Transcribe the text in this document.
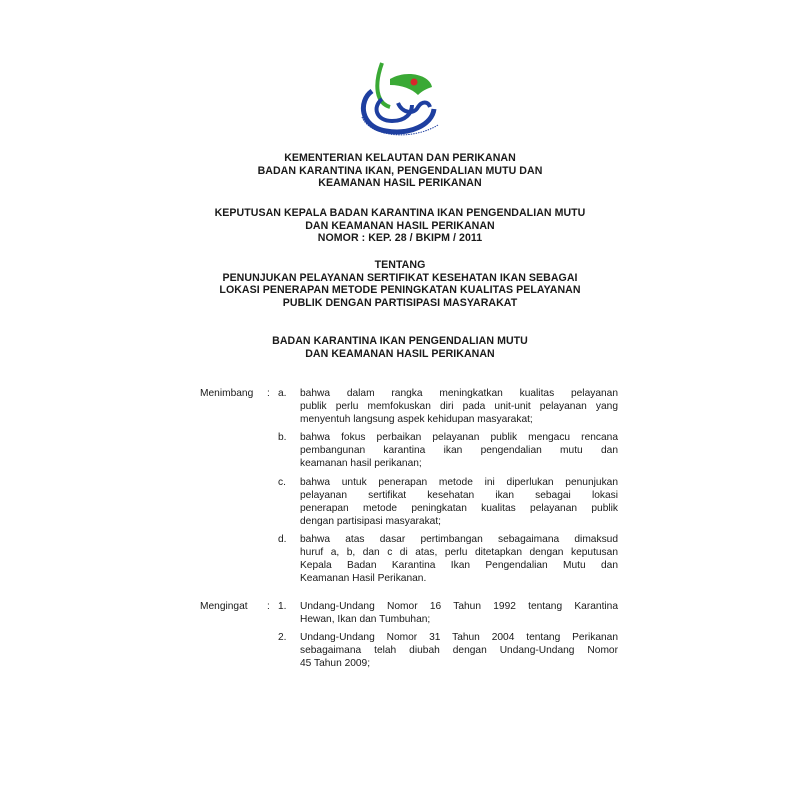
KEMENTERIAN KELAUTAN DAN PERIKANAN
BADAN KARANTINA IKAN, PENGENDALIAN MUTU DAN
KEAMANAN HASIL PERIKANAN
KEPUTUSAN KEPALA BADAN KARANTINA IKAN PENGENDALIAN MUTU
DAN KEAMANAN HASIL PERIKANAN
NOMOR : KEP. 28 / BKIPM / 2011
TENTANG
PENUNJUKAN PELAYANAN SERTIFIKAT KESEHATAN IKAN SEBAGAI
LOKASI PENERAPAN METODE PENINGKATAN KUALITAS PELAYANAN
PUBLIK DENGAN PARTISIPASI MASYARAKAT
BADAN KARANTINA IKAN PENGENDALIAN MUTU
DAN KEAMANAN HASIL PERIKANAN
Menimbang	: a. bahwa dalam rangka meningkatkan kualitas pelayanan
publik perlu memfokuskan diri pada unit-unit pelayanan yang
menyentuh langsung aspek kehidupan masyarakat;
b. bahwa fokus perbaikan pelayanan publik mengacu rencana
pembangunan karantina ikan pengendalian mutu dan
keamanan hasil perikanan;
c. bahwa untuk penerapan metode ini diperlukan penunjukan
pelayanan sertifikat kesehatan ikan sebagai lokasi
penerapan metode peningkatan kualitas pelayanan publik
dengan partisipasi masyarakat;
d. bahwa atas dasar pertimbangan sebagaimana dimaksud
huruf a, b, dan c di atas, perlu ditetapkan dengan keputusan
Kepala Badan Karantina Ikan Pengendalian Mutu dan
Keamanan Hasil Perikanan.
Mengingat	: 1. Undang-Undang Nomor 16 Tahun 1992 tentang Karantina
Hewan, Ikan dan Tumbuhan;
2. Undang-Undang Nomor 31 Tahun 2004 tentang Perikanan
sebagaimana telah diubah dengan Undang-Undang Nomor
45 Tahun 2009;
